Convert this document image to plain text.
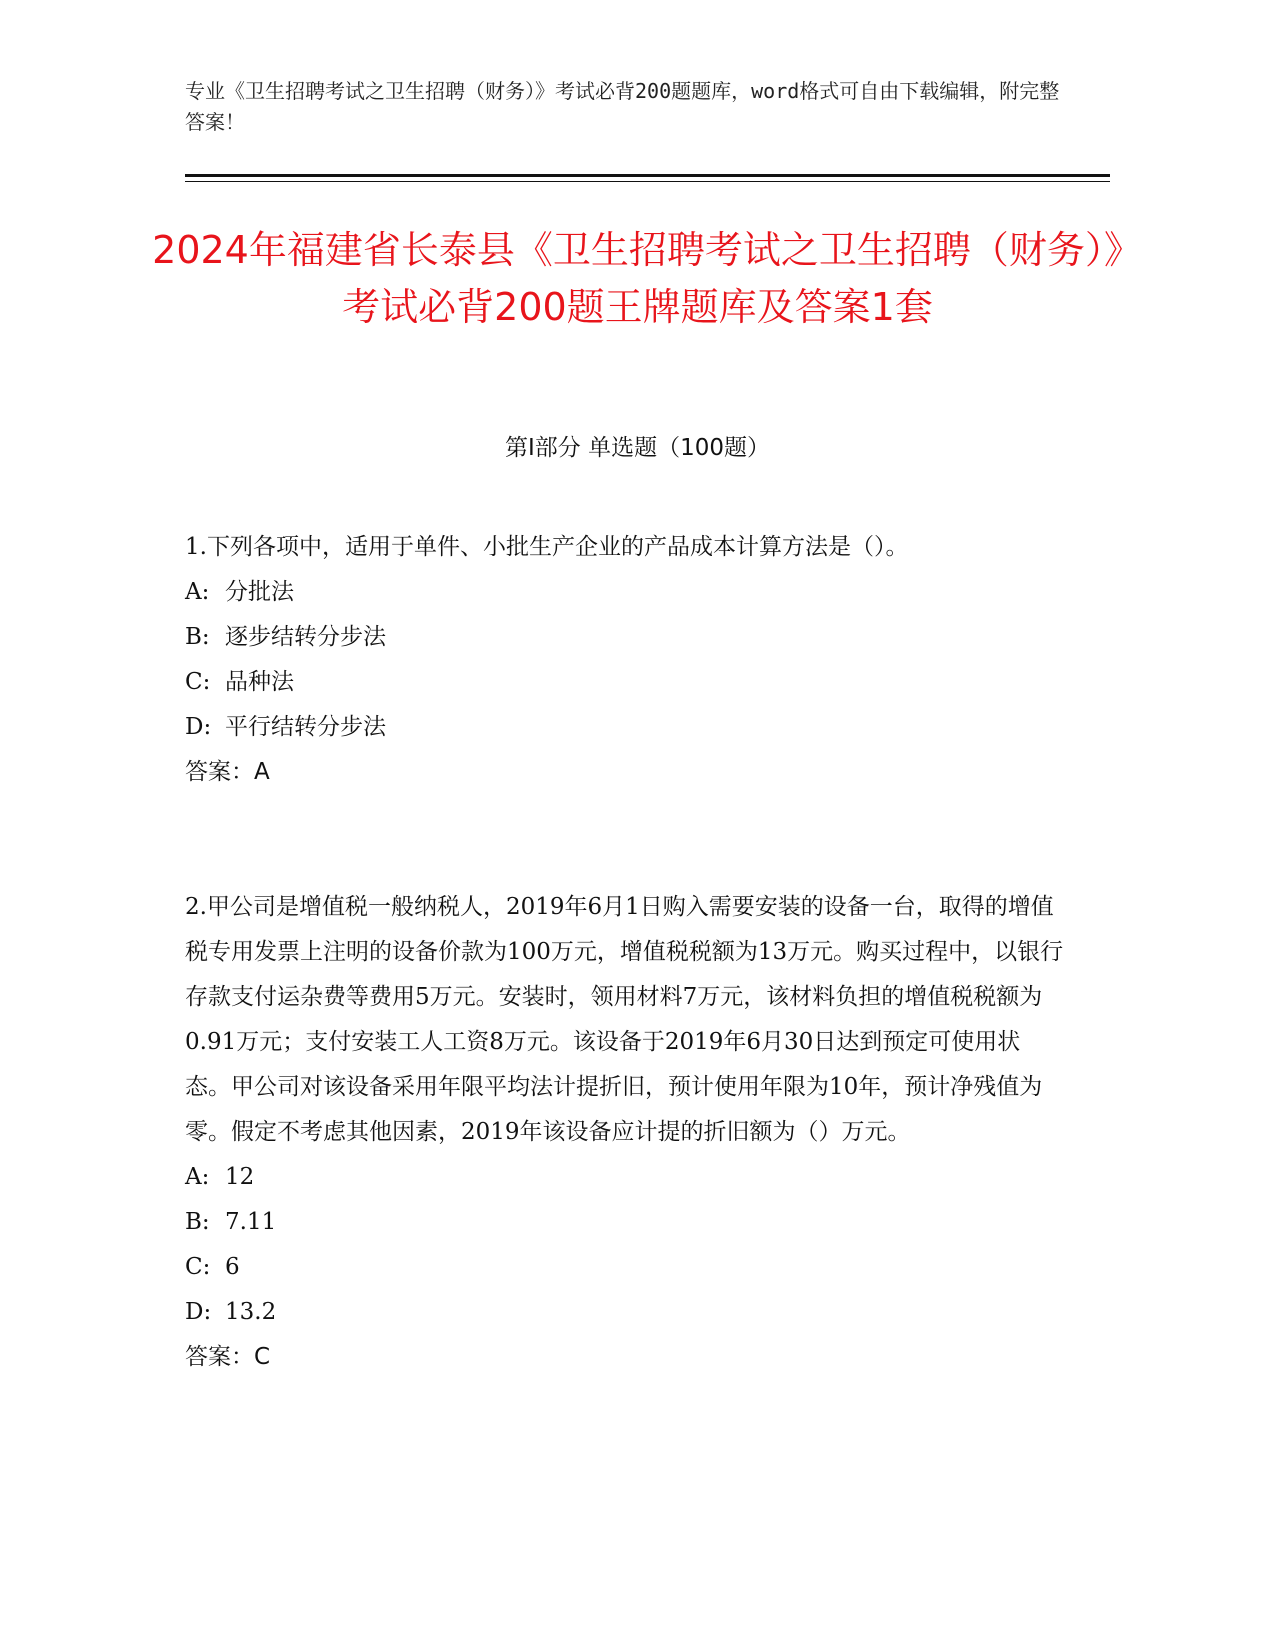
专业《卫生招聘考试之卫生招聘（财务）》考试必背200题题库，word格式可自由下载编辑，附完整答案！
2024年福建省长泰县《卫生招聘考试之卫生招聘（财务）》考试必背200题王牌题库及答案1套
第Ⅰ部分 单选题（100题）

1.下列各项中，适用于单件、小批生产企业的产品成本计算方法是（）。

A: 分批法

B: 逐步结转分步法

C: 品种法

D: 平行结转分步法

答案：A

2.甲公司是增值税一般纳税人，2019年6月1日购入需要安装的设备一台，取得的增值税专用发票上注明的设备价款为100万元，增值税税额为13万元。购买过程中，以银行存款支付运杂费等费用5万元。安装时，领用材料7万元，该材料负担的增值税税额为0.91万元；支付安装工人工资8万元。该设备于2019年6月30日达到预定可使用状态。甲公司对该设备采用年限平均法计提折旧，预计使用年限为10年，预计净残值为零。假定不考虑其他因素，2019年该设备应计提的折旧额为（）万元。

A: 12

B: 7.11

C: 6

D: 13.2

答案：C
